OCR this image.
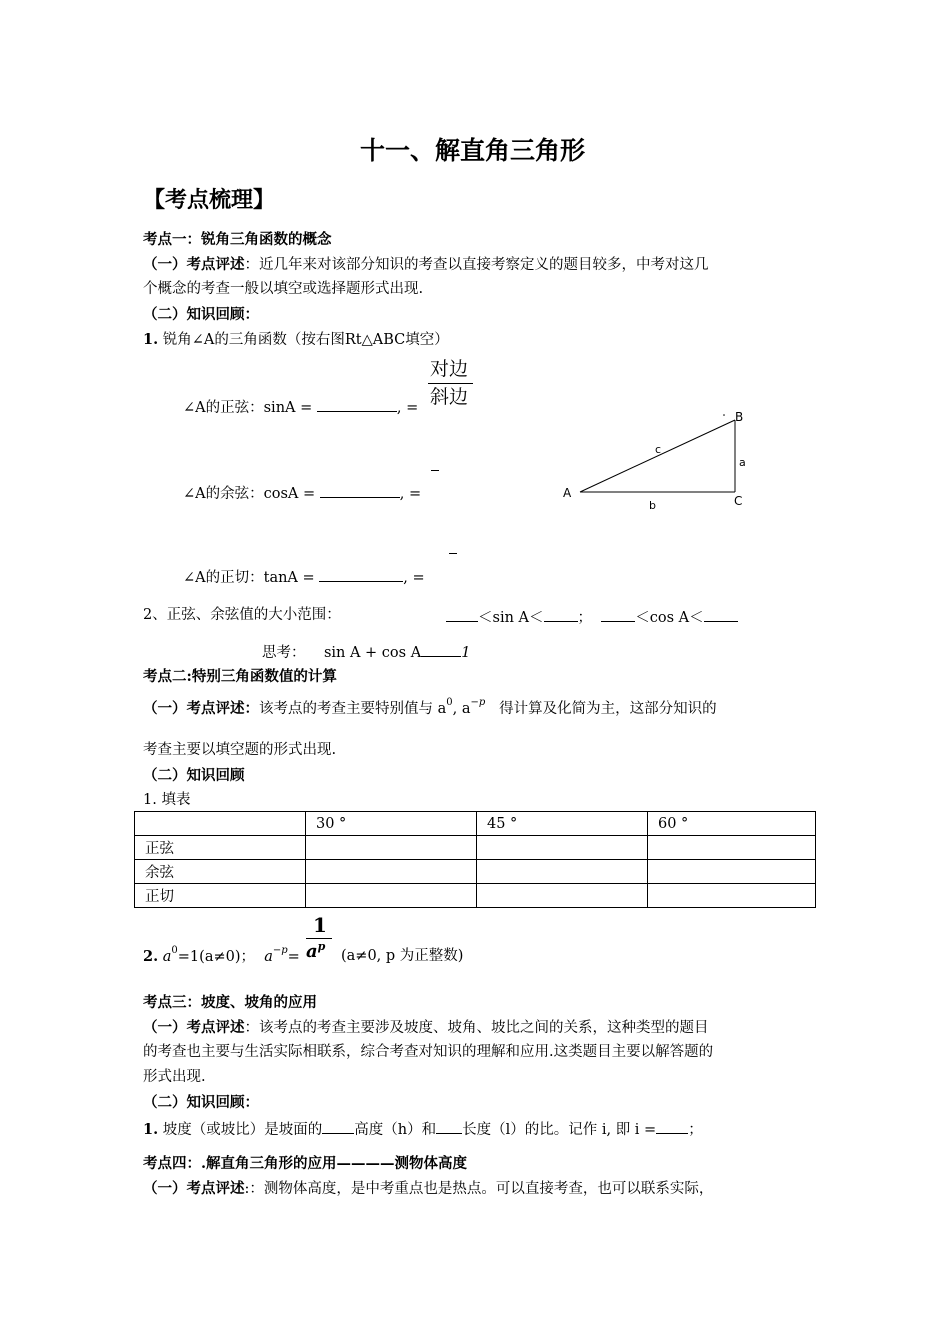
十一、解直角三角形
【考点梳理】
考点一：锐角三角函数的概念
（一）考点评述：近几年来对该部分知识的考查以直接考察定义的题目较多，中考对这几
个概念的考查一般以填空或选择题形式出现.
（二）知识回顾：
1. 锐角∠A的三角函数（按右图Rt△ABC填空）
对边
斜边
∠A的正弦：sinA =	, =
∠A的余弦：cosA =	, =
∠A的正切：tanA =	, =
A
B
C
a
b
c
2、正弦、余弦值的大小范围：	＜sin A＜ ；	＜cos A＜
思考： sin A + cos A	1
考点二:特别三角函数值的计算
（一）考点评述：该考点的考查主要特别值与 $a^0$, $a^{-p}$ 得计算及化简为主，这部分知识的
考查主要以填空题的形式出现.
（二）知识回顾
1. 填表
	30 °	45 °	60 °
正弦			
余弦			
正切			
1
$a^p$
2. $a^0=1(a\ne 0)$； $a^{-p}=$	(a≠0, p 为正整数)
考点三：坡度、坡角的应用
（一）考点评述：该考点的考查主要涉及坡度、坡角、坡比之间的关系，这种类型的题目
的考查也主要与生活实际相联系，综合考查对知识的理解和应用.这类题目主要以解答题的
形式出现.
（二）知识回顾：
1. 坡度（或坡比）是坡面的 高度（h）和 长度（l）的比。记作 i, 即 i = ；
考点四：.解直角三角形的应用————测物体高度
（一）考点评述:：测物体高度，是中考重点也是热点。可以直接考查，也可以联系实际，
